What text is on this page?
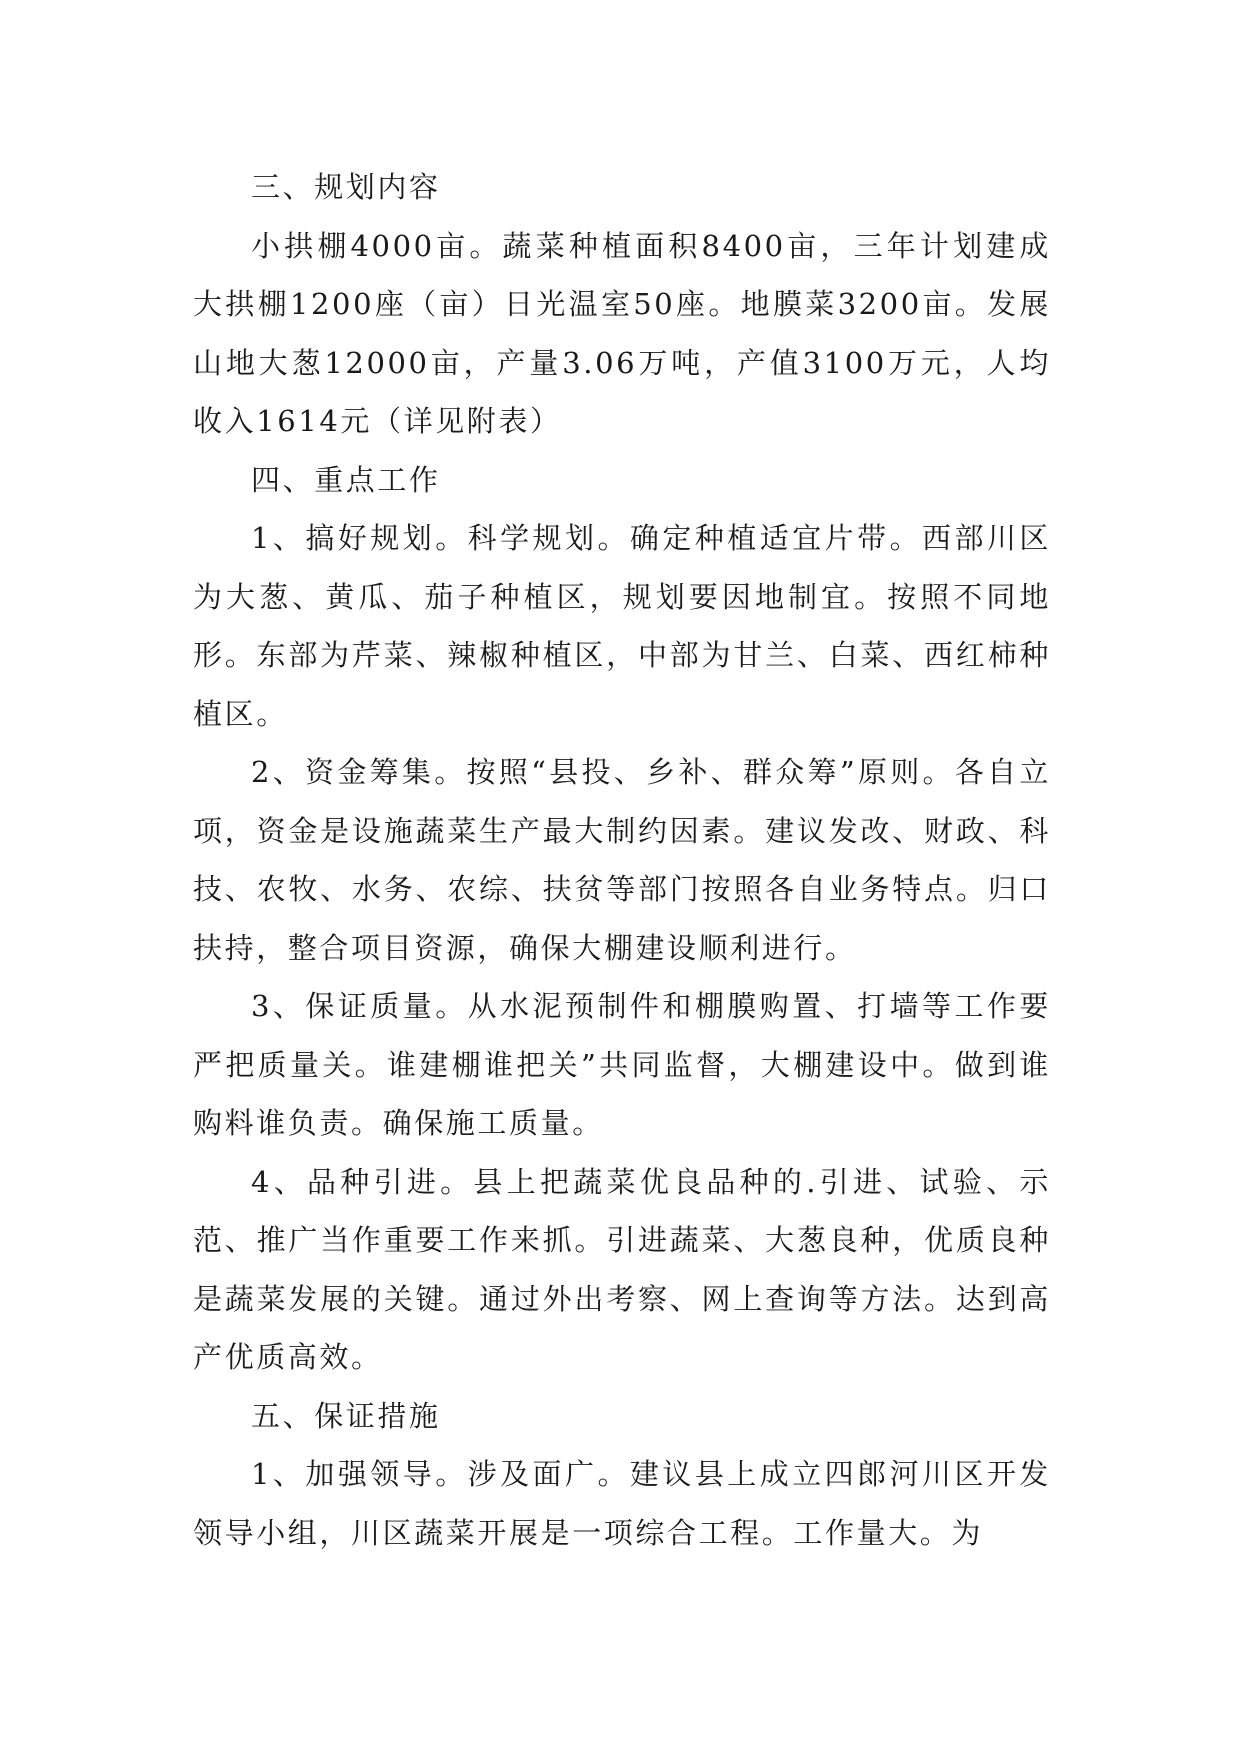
三、规划内容

小拱棚4000亩。蔬菜种植面积8400亩，三年计划建成大拱棚1200座（亩）日光温室50座。地膜菜3200亩。发展山地大葱12000亩，产量3.06万吨，产值3100万元，人均收入1614元（详见附表）

四、重点工作

1、搞好规划。科学规划。确定种植适宜片带。西部川区为大葱、黄瓜、茄子种植区，规划要因地制宜。按照不同地形。东部为芹菜、辣椒种植区，中部为甘兰、白菜、西红柿种植区。

2、资金筹集。按照“县投、乡补、群众筹”原则。各自立项，资金是设施蔬菜生产最大制约因素。建议发改、财政、科技、农牧、水务、农综、扶贫等部门按照各自业务特点。归口扶持，整合项目资源，确保大棚建设顺利进行。

3、保证质量。从水泥预制件和棚膜购置、打墙等工作要严把质量关。谁建棚谁把关”共同监督，大棚建设中。做到谁购料谁负责。确保施工质量。

4、品种引进。县上把蔬菜优良品种的.引进、试验、示范、推广当作重要工作来抓。引进蔬菜、大葱良种，优质良种是蔬菜发展的关键。通过外出考察、网上查询等方法。达到高产优质高效。

五、保证措施

1、加强领导。涉及面广。建议县上成立四郎河川区开发领导小组，川区蔬菜开展是一项综合工程。工作量大。为
